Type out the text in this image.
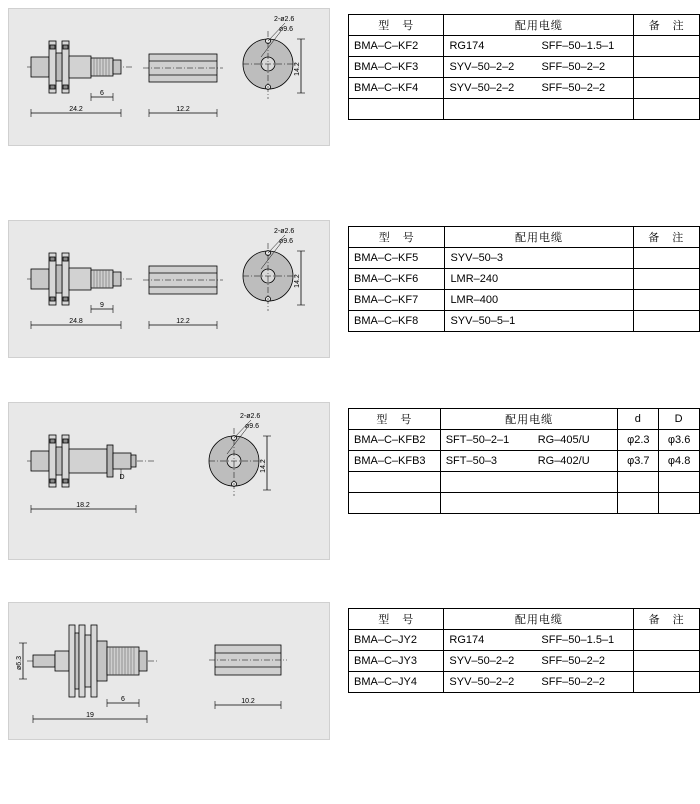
6
24.2	12.2
2-ø2.6
ø9.6
14.2
型　号	配用电缆	备　注
BMA–C–KF2	RG174 SFF–50–1.5–1	
BMA–C–KF3	SYV–50–2–2 SFF–50–2–2	
BMA–C–KF4	SYV–50–2–2 SFF–50–2–2	

9
24.8	12.2
2-ø2.6
ø9.6
14.2
型　号	配用电缆	备　注
BMA–C–KF5	SYV–50–3	
BMA–C–KF6	LMR–240	
BMA–C–KF7	LMR–400	
BMA–C–KF8	SYV–50–5–1	
D
18.2
2-ø2.6
ø9.6
14.2
型　号	配用电缆	d	D
BMA–C–KFB2	SFT–50–2–1 RG–405/U	φ2.3	φ3.6
BMA–C–KFB3	SFT–50–3 RG–402/U	φ3.7	φ4.8

ø6.3
6
19
10.2
型　号	配用电缆	备　注
BMA–C–JY2	RG174 SFF–50–1.5–1	
BMA–C–JY3	SYV–50–2–2 SFF–50–2–2	
BMA–C–JY4	SYV–50–2–2 SFF–50–2–2	
